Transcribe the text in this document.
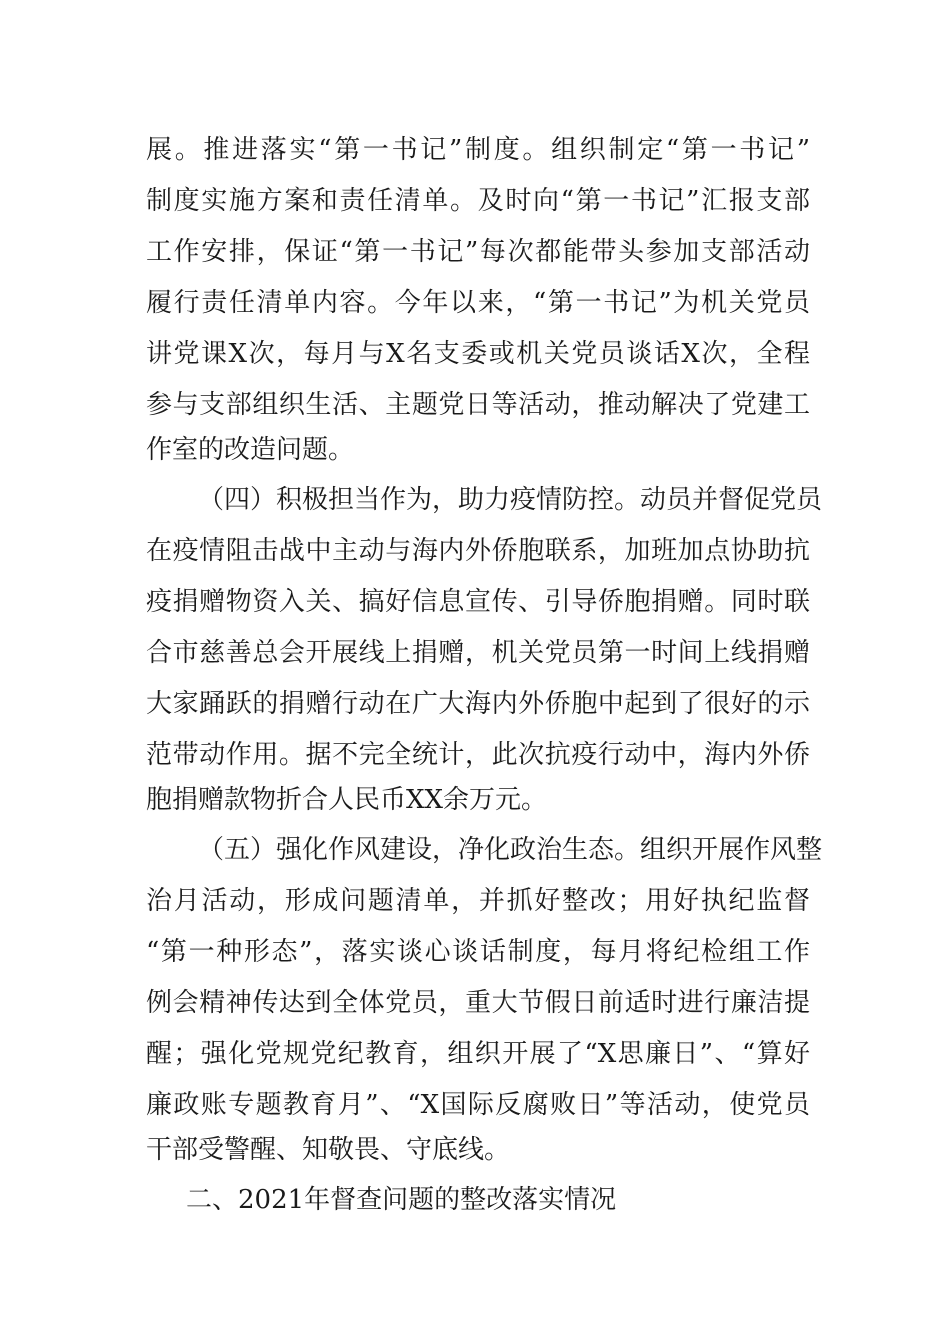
展。推进落实“第一书记”制度。组织制定“第一书记”
制度实施方案和责任清单。及时向“第一书记”汇报支部
工作安排，保证“第一书记”每次都能带头参加支部活动
履行责任清单内容。今年以来，“第一书记”为机关党员
讲党课X次，每月与X名支委或机关党员谈话X次，全程
参与支部组织生活、主题党日等活动，推动解决了党建工
作室的改造问题。
（四）积极担当作为，助力疫情防控。动员并督促党员
在疫情阻击战中主动与海内外侨胞联系，加班加点协助抗
疫捐赠物资入关、搞好信息宣传、引导侨胞捐赠。同时联
合市慈善总会开展线上捐赠，机关党员第一时间上线捐赠
大家踊跃的捐赠行动在广大海内外侨胞中起到了很好的示
范带动作用。据不完全统计，此次抗疫行动中，海内外侨
胞捐赠款物折合人民币XX余万元。
（五）强化作风建设，净化政治生态。组织开展作风整
治月活动，形成问题清单，并抓好整改；用好执纪监督
“第一种形态”，落实谈心谈话制度，每月将纪检组工作
例会精神传达到全体党员，重大节假日前适时进行廉洁提
醒；强化党规党纪教育，组织开展了“X思廉日”、“算好
廉政账专题教育月”、“X国际反腐败日”等活动，使党员
干部受警醒、知敬畏、守底线。
二、2021年督查问题的整改落实情况
